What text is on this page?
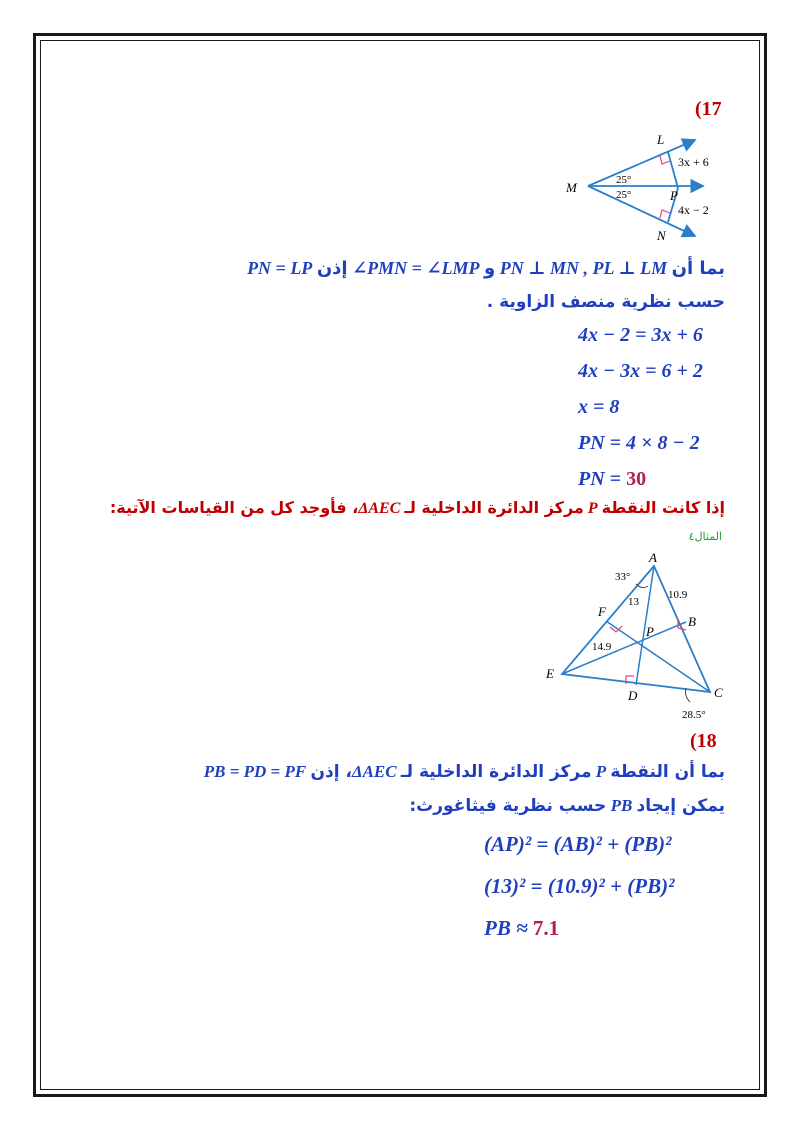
(17
L
M
P
N
25°
25°
3x + 6
4x − 2
بما أن PN ⊥ MN , PL ⊥ LM و ∠PMN = ∠LMP إذن PN = LP
حسب نظرية منصف الزاوية .
4x − 2 = 3x + 6
4x − 3x = 6 + 2
x = 8
PN = 4 × 8 − 2
PN = 30
إذا كانت النقطة P مركز الدائرة الداخلية لـ ΔAEC، فأوجد كل من القياسات الآتية:
المثال٤
A
B
C
D
E
F
P
33°
28.5°
13
10.9
14.9
(18
بما أن النقطة P مركز الدائرة الداخلية لـ ΔAEC، إذن PB = PD = PF
يمكن إيجاد PB حسب نظرية فيثاغورث:
(AP)² = (AB)² + (PB)²
(13)² = (10.9)² + (PB)²
PB ≈ 7.1
